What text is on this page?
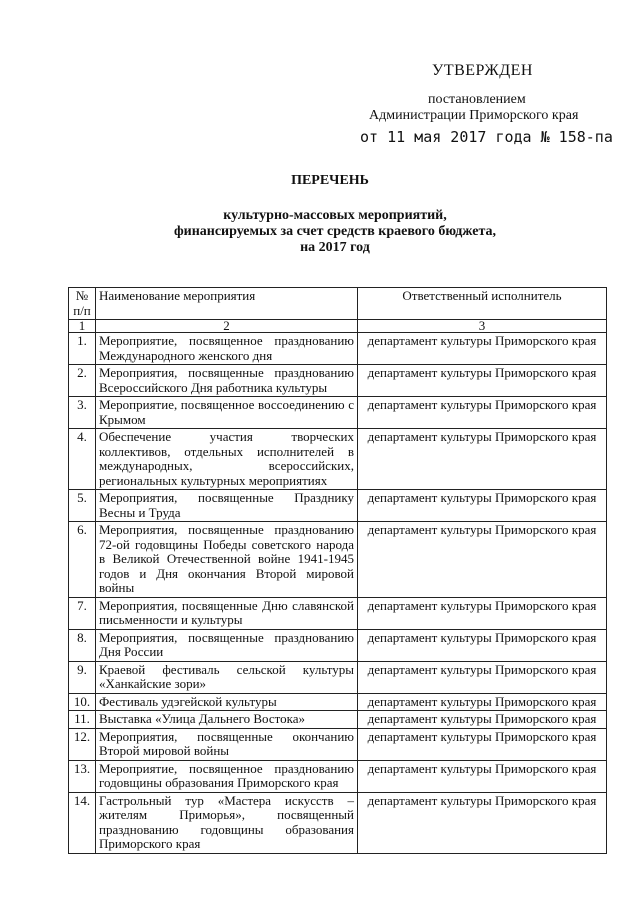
УТВЕРЖДЕН
постановлением
Администрации Приморского края
от 11 мая 2017 года № 158-па
ПЕРЕЧЕНЬ
культурно-массовых мероприятий,
финансируемых за счет средств краевого бюджета,
на 2017 год
№ п/п	Наименование мероприятия	Ответственный исполнитель
1	2	3
1.	Мероприятие, посвященное празднованию Международного женского дня	департамент культуры Приморского края
2.	Мероприятия, посвященные празднованию Всероссийского Дня работника культуры	департамент культуры Приморского края
3.	Мероприятие, посвященное воссоединению с Крымом	департамент культуры Приморского края
4.	Обеспечение участия творческих коллективов, отдельных исполнителей в международных, всероссийских, региональных культурных мероприятиях	департамент культуры Приморского края
5.	Мероприятия, посвященные Празднику Весны и Труда	департамент культуры Приморского края
6.	Мероприятия, посвященные празднованию 72-ой годовщины Победы советского народа в Великой Отечественной войне 1941-1945 годов и Дня окончания Второй мировой войны	департамент культуры Приморского края
7.	Мероприятия, посвященные Дню славянской письменности и культуры	департамент культуры Приморского края
8.	Мероприятия, посвященные празднованию Дня России	департамент культуры Приморского края
9.	Краевой фестиваль сельской культуры «Ханкайские зори»	департамент культуры Приморского края
10.	Фестиваль удэгейской культуры	департамент культуры Приморского края
11.	Выставка «Улица Дальнего Востока»	департамент культуры Приморского края
12.	Мероприятия, посвященные окончанию Второй мировой войны	департамент культуры Приморского края
13.	Мероприятие, посвященное празднованию годовщины образования Приморского края	департамент культуры Приморского края
14.	Гастрольный тур «Мастера искусств – жителям Приморья», посвященный празднованию годовщины образования Приморского края	департамент культуры Приморского края
